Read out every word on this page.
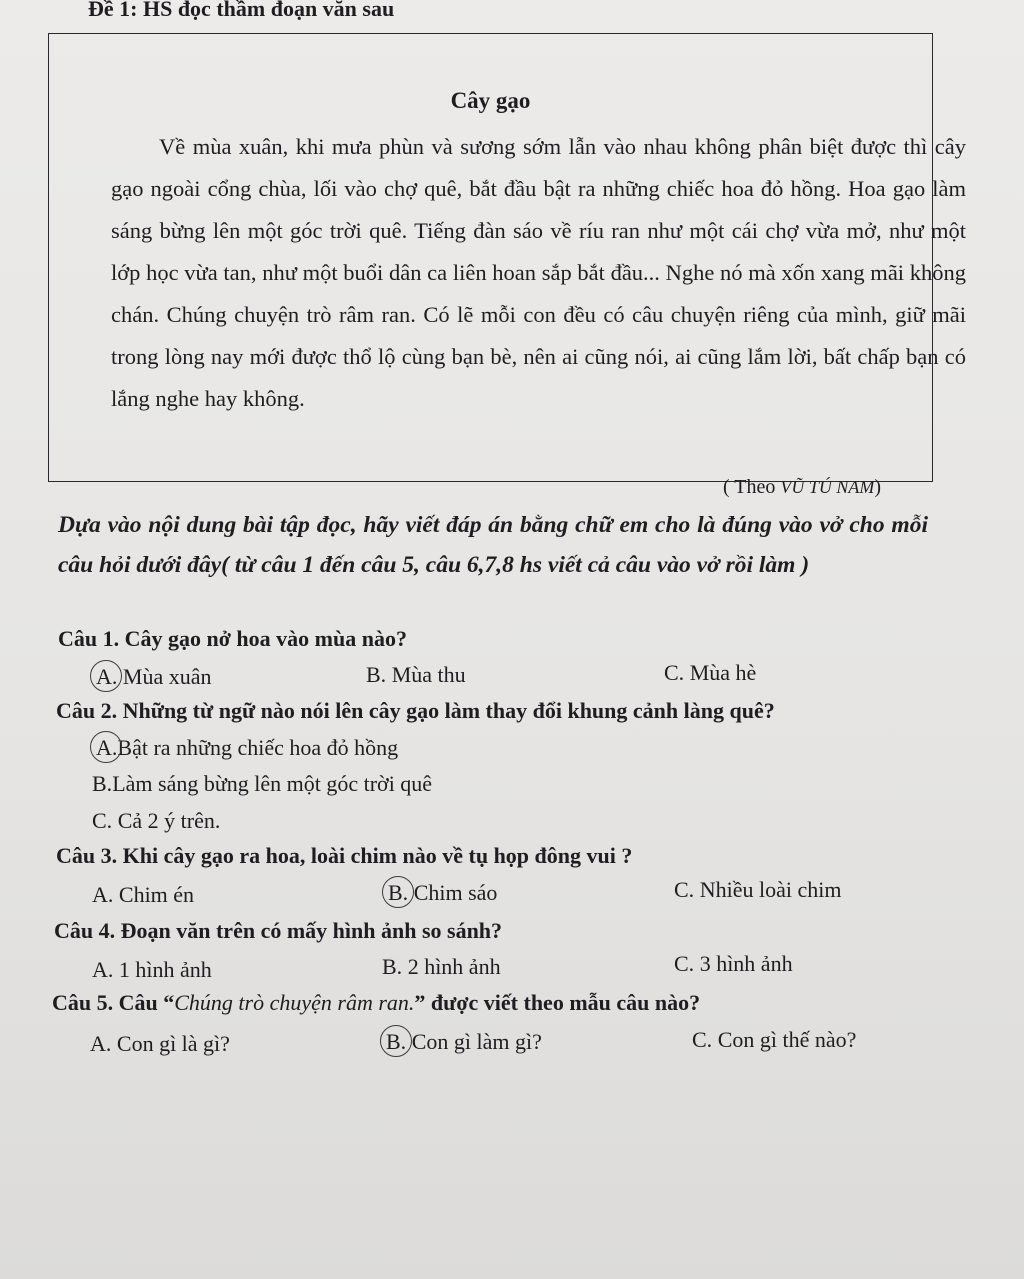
Đề 1: HS đọc thầm đoạn văn sau
Cây gạo

Về mùa xuân, khi mưa phùn và sương sớm lẫn vào nhau không phân biệt được thì cây gạo ngoài cổng chùa, lối vào chợ quê, bắt đầu bật ra những chiếc hoa đỏ hồng. Hoa gạo làm sáng bừng lên một góc trời quê. Tiếng đàn sáo về ríu ran như một cái chợ vừa mở, như một lớp học vừa tan, như một buổi dân ca liên hoan sắp bắt đầu... Nghe nó mà xốn xang mãi không chán. Chúng chuyện trò râm ran. Có lẽ mỗi con đều có câu chuyện riêng của mình, giữ mãi trong lòng nay mới được thổ lộ cùng bạn bè, nên ai cũng nói, ai cũng lắm lời, bất chấp bạn có lắng nghe hay không.

( Theo VŨ TÚ NAM)

Dựa vào nội dung bài tập đọc, hãy viết đáp án bằng chữ em cho là đúng vào vở cho mỗi câu hỏi dưới đây( từ câu 1 đến câu 5, câu 6,7,8 hs viết cả câu vào vở rồi làm )

Câu 1. Cây gạo nở hoa vào mùa nào?
A. Mùa xuân	B. Mùa thu	C. Mùa hè
Câu 2. Những từ ngữ nào nói lên cây gạo làm thay đổi khung cảnh làng quê?
A.Bật ra những chiếc hoa đỏ hồng
B.Làm sáng bừng lên một góc trời quê
C. Cả 2 ý trên.
Câu 3. Khi cây gạo ra hoa, loài chim nào về tụ họp đông vui ?
A. Chim én	B. Chim sáo	C. Nhiều loài chim
Câu 4. Đoạn văn trên có mấy hình ảnh so sánh?
A. 1 hình ảnh	B. 2 hình ảnh	C. 3 hình ảnh
Câu 5. Câu “Chúng trò chuyện râm ran.” được viết theo mẫu câu nào?
A. Con gì là gì?	B. Con gì làm gì?	C. Con gì thế nào?
